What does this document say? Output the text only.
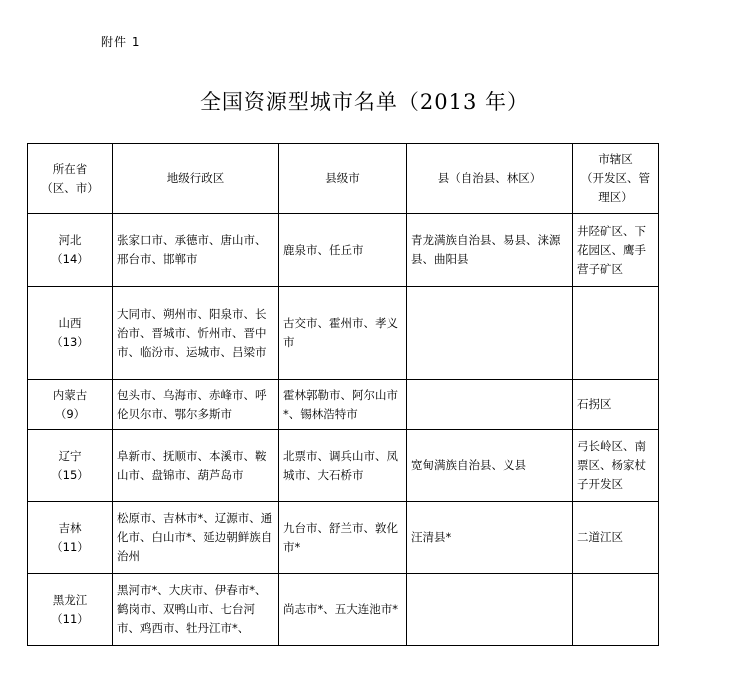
附件 1
全国资源型城市名单（2013 年）
所在省
（区、市）	地级行政区	县级市	县（自治县、林区）	市辖区
（开发区、管理区）
河北
（14）	张家口市、承德市、唐山市、邢台市、邯郸市	鹿泉市、任丘市	青龙满族自治县、易县、涞源县、曲阳县	井陉矿区、下花园区、鹰手营子矿区
山西
（13）	大同市、朔州市、阳泉市、长治市、晋城市、忻州市、晋中市、临汾市、运城市、吕梁市	古交市、霍州市、孝义市		
内蒙古
（9）	包头市、乌海市、赤峰市、呼伦贝尔市、鄂尔多斯市	霍林郭勒市、阿尔山市*、锡林浩特市		石拐区
辽宁
（15）	阜新市、抚顺市、本溪市、鞍山市、盘锦市、葫芦岛市	北票市、调兵山市、凤城市、大石桥市	宽甸满族自治县、义县	弓长岭区、南票区、杨家杖子开发区
吉林
（11）	松原市、吉林市*、辽源市、通化市、白山市*、延边朝鲜族自治州	九台市、舒兰市、敦化市*	汪清县*	二道江区
黑龙江
（11）	黑河市*、大庆市、伊春市*、鹤岗市、双鸭山市、七台河市、鸡西市、牡丹江市*、	尚志市*、五大连池市*		
